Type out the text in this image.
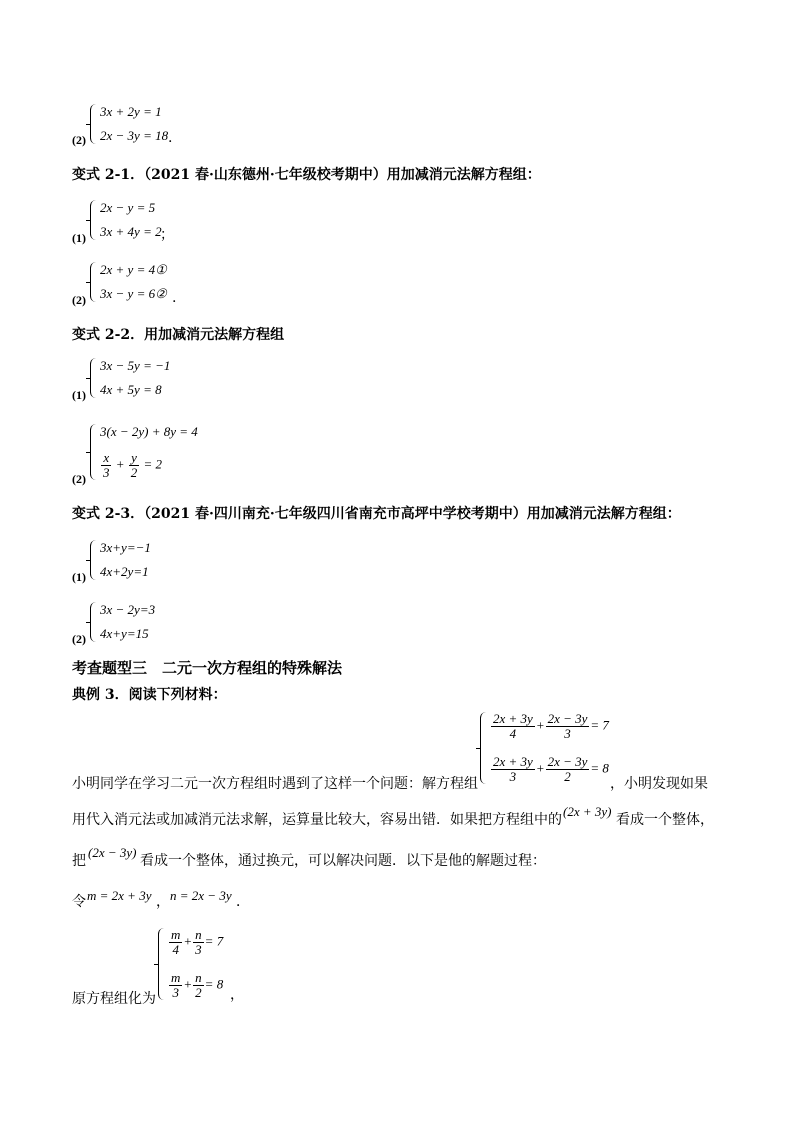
(2)
3x + 2y = 1
2x − 3y = 18 .
变式 2-1．（2021 春·山东德州·七年级校考期中）用加减消元法解方程组：
(1)
2x − y = 5
3x + 4y = 2
；
(2)
2x + y = 4①
3x − y = 6② .
变式 2-2．用加减消元法解方程组
(1)
3x − 5y = −1
4x + 5y = 8
(2)
3(x − 2y) + 8y = 4
$\frac{x}{3} + \frac{y}{2} = 2$
变式 2-3．（2021 春·四川南充·七年级四川省南充市高坪中学校考期中）用加减消元法解方程组：
(1)
3x+y=−1
4x+2y=1
(2)
3x − 2y=3
4x+y=15
考查题型三　二元一次方程组的特殊解法
典例 3．阅读下列材料：
$\frac{2x + 3y}{4} + \frac{2x - 3y}{3} = 7$
$\frac{2x + 3y}{3} + \frac{2x - 3y}{2} = 8$
小明同学在学习二元一次方程组时遇到了这样一个问题：解方程组	，小明发现如果
用代入消元法或加减消元法求解，运算量比较大，容易出错．如果把方程组中的
(2x + 3y)
看成一个整体，
把
(2x − 3y)
看成一个整体，通过换元，可以解决问题．以下是他的解题过程：
令 m = 2x + 3y ， n = 2x − 3y ．
$\frac{m}{4} + \frac{n}{3} = 7$
$\frac{m}{3} + \frac{n}{2} = 8$
原方程组化为	，
